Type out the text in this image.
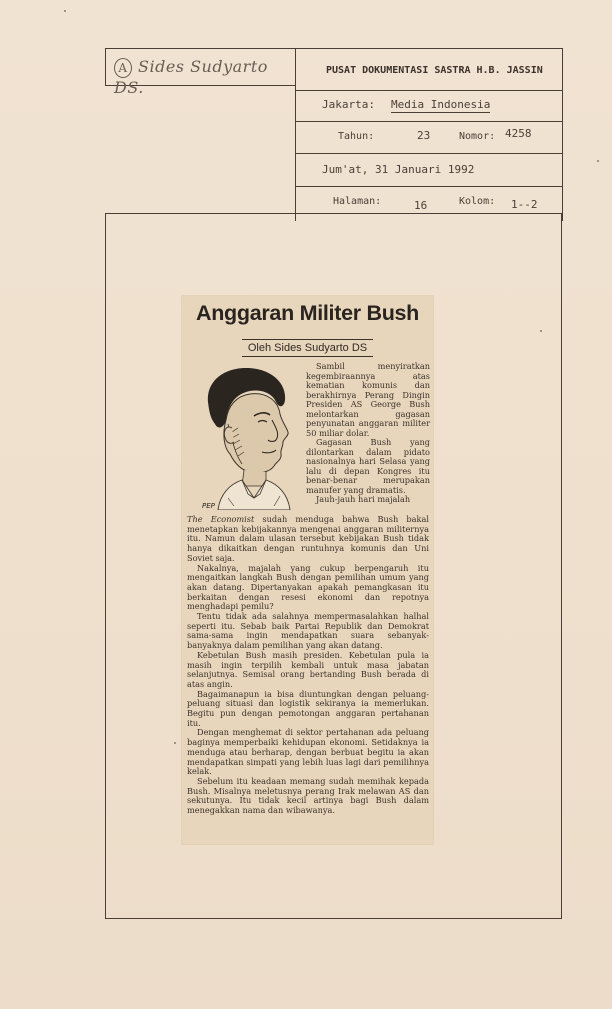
A Sides Sudyarto DS.
PUSAT DOKUMENTASI SASTRA H.B. JASSIN
Jakarta: Media Indonesia
Tahun:	23	Nomor: 4258
Jum'at, 31 Januari 1992
Halaman:	16	Kolom: 1--2
Anggaran Militer Bush
Oleh Sides Sudyarto DS
PEP

Sambil menyiratkan kegembiraannya atas kematian komunis dan berakhirnya Perang Dingin Presiden AS George Bush melontarkan gagasan penyunatan anggaran militer 50 miliar dolar.

Gagasan Bush yang dilontarkan dalam pidato nasionalnya hari Selasa yang lalu di depan Kongres itu benar-benar merupakan manufer yang dramatis.

Jauh-jauh hari majalah

The Economist sudah menduga bahwa Bush bakal menetapkan kebijakannya mengenai anggaran militernya itu. Namun dalam ulasan tersebut kebijakan Bush tidak hanya dikaitkan dengan runtuhnya komunis dan Uni Soviet saja.

Nakalnya, majalah yang cukup berpengaruh itu mengaitkan langkah Bush dengan pemilihan umum yang akan datang. Dipertanyakan apakah pemangkasan itu berkaitan dengan resesi ekonomi dan repotnya menghadapi pemilu?

Tentu tidak ada salahnya mempermasalahkan halhal seperti itu. Sebab baik Partai Republik dan Demokrat sama-sama ingin mendapatkan suara sebanyak-banyaknya dalam pemilihan yang akan datang.

Kebetulan Bush masih presiden. Kebetulan pula ia masih ingin terpilih kembali untuk masa jabatan selanjutnya. Semisal orang bertanding Bush berada di atas angin.

Bagaimanapun ia bisa diuntungkan dengan peluang-peluang situasi dan logistik sekiranya ia memerlukan. Begitu pun dengan pemotongan anggaran pertahanan itu.

Dengan menghemat di sektor pertahanan ada peluang baginya memperbaiki kehidupan ekonomi. Setidaknya ia menduga atau berharap, dengan berbuat begitu ia akan mendapatkan simpati yang lebih luas lagi dari pemilihnya kelak.

Sebelum itu keadaan memang sudah memihak kepada Bush. Misalnya meletusnya perang Irak melawan AS dan sekutunya. Itu tidak kecil artinya bagi Bush dalam menegakkan nama dan wibawanya.
